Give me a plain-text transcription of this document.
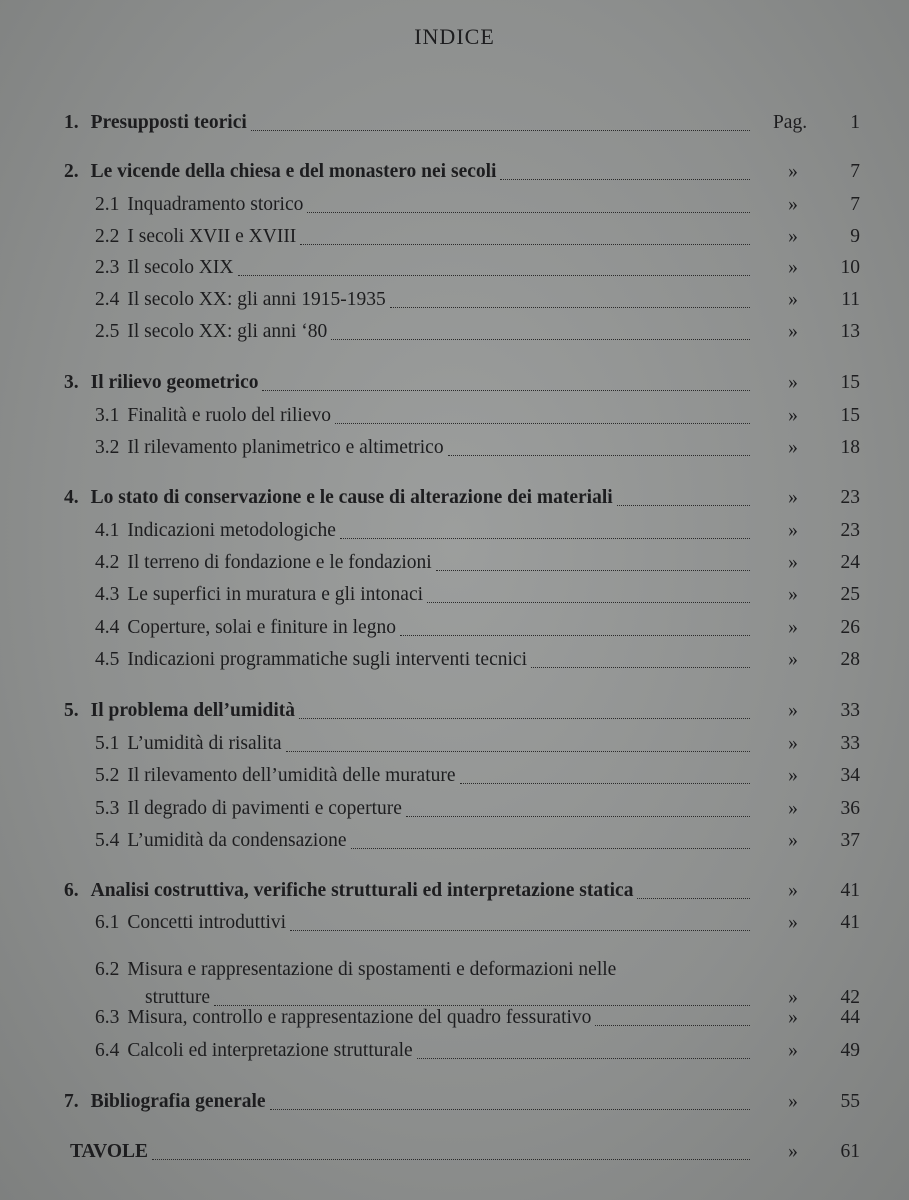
INDICE
1. Presupposti teorici	Pag.	1
2. Le vicende della chiesa e del monastero nei secoli	»	7
2.1 Inquadramento storico	»	7
2.2 I secoli XVII e XVIII	»	9
2.3 Il secolo XIX	»	10
2.4 Il secolo XX: gli anni 1915-1935	»	11
2.5 Il secolo XX: gli anni ‘80	»	13
3. Il rilievo geometrico	»	15
3.1 Finalità e ruolo del rilievo	»	15
3.2 Il rilevamento planimetrico e altimetrico	»	18
4. Lo stato di conservazione e le cause di alterazione dei materiali	»	23
4.1 Indicazioni metodologiche	»	23
4.2 Il terreno di fondazione e le fondazioni	»	24
4.3 Le superfici in muratura e gli intonaci	»	25
4.4 Coperture, solai e finiture in legno	»	26
4.5 Indicazioni programmatiche sugli interventi tecnici	»	28
5. Il problema dell’umidità	»	33
5.1 L’umidità di risalita	»	33
5.2 Il rilevamento dell’umidità delle murature	»	34
5.3 Il degrado di pavimenti e coperture	»	36
5.4 L’umidità da condensazione	»	37
6. Analisi costruttiva, verifiche strutturali ed interpretazione statica	»	41
6.1 Concetti introduttivi	»	41
6.2 Misura e rappresentazione di spostamenti e deformazioni nelle
strutture	»	42
6.3 Misura, controllo e rappresentazione del quadro fessurativo	»	44
6.4 Calcoli ed interpretazione strutturale	»	49
7. Bibliografia generale	»	55
TAVOLE	»	61
